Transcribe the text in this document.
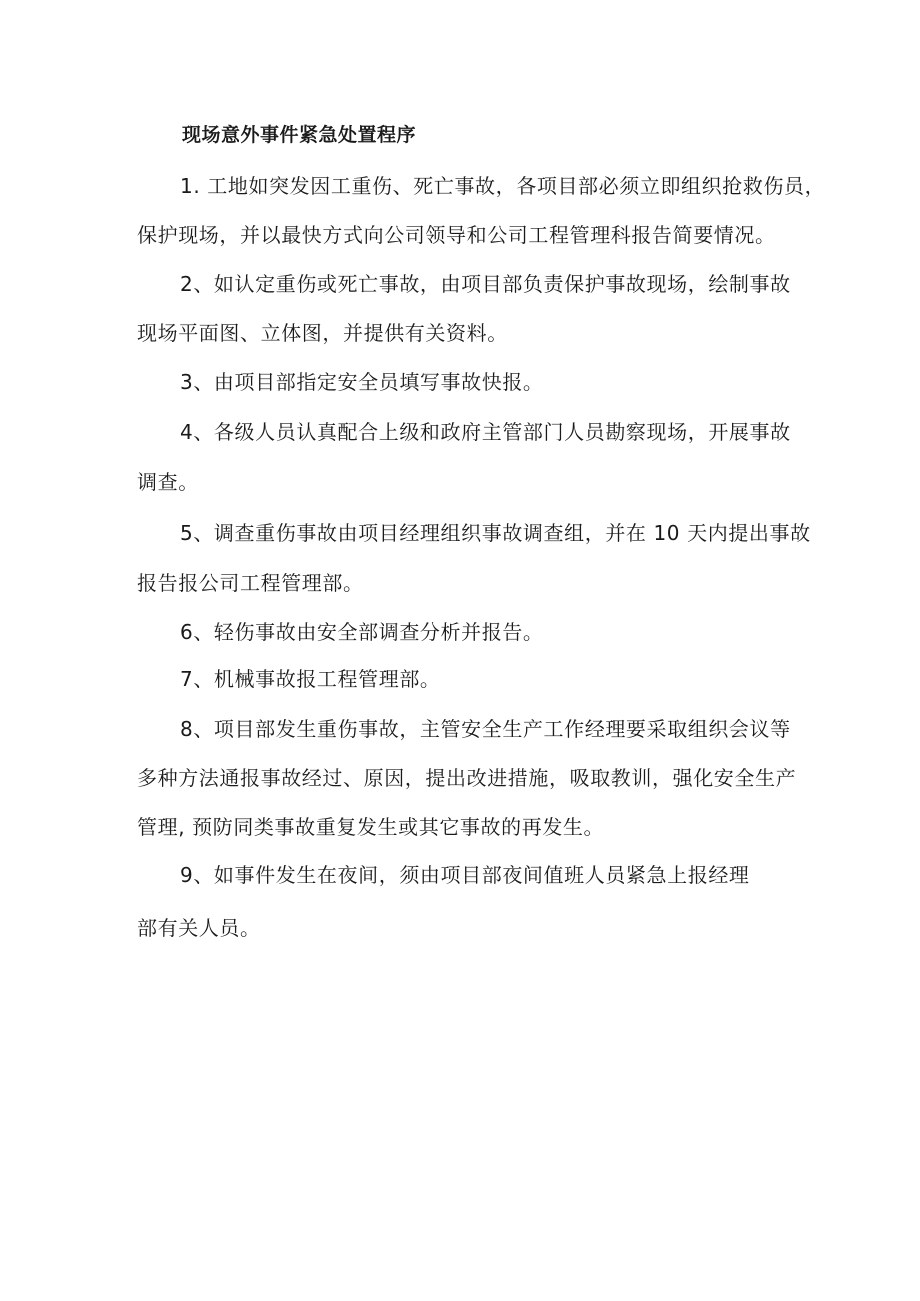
现场意外事件紧急处置程序
1. 工地如突发因工重伤、死亡事故，各项目部必须立即组织抢救伤员，
保护现场，并以最快方式向公司领导和公司工程管理科报告简要情况。
2、如认定重伤或死亡事故，由项目部负责保护事故现场，绘制事故
现场平面图、立体图，并提供有关资料。
3、由项目部指定安全员填写事故快报。
4、各级人员认真配合上级和政府主管部门人员勘察现场，开展事故
调查。
5、调查重伤事故由项目经理组织事故调查组，并在 10 天内提出事故
报告报公司工程管理部。
6、轻伤事故由安全部调查分析并报告。
7、机械事故报工程管理部。
8、项目部发生重伤事故，主管安全生产工作经理要采取组织会议等
多种方法通报事故经过、原因，提出改进措施，吸取教训，强化安全生产
管理, 预防同类事故重复发生或其它事故的再发生。
9、如事件发生在夜间，须由项目部夜间值班人员紧急上报经理
部有关人员。
